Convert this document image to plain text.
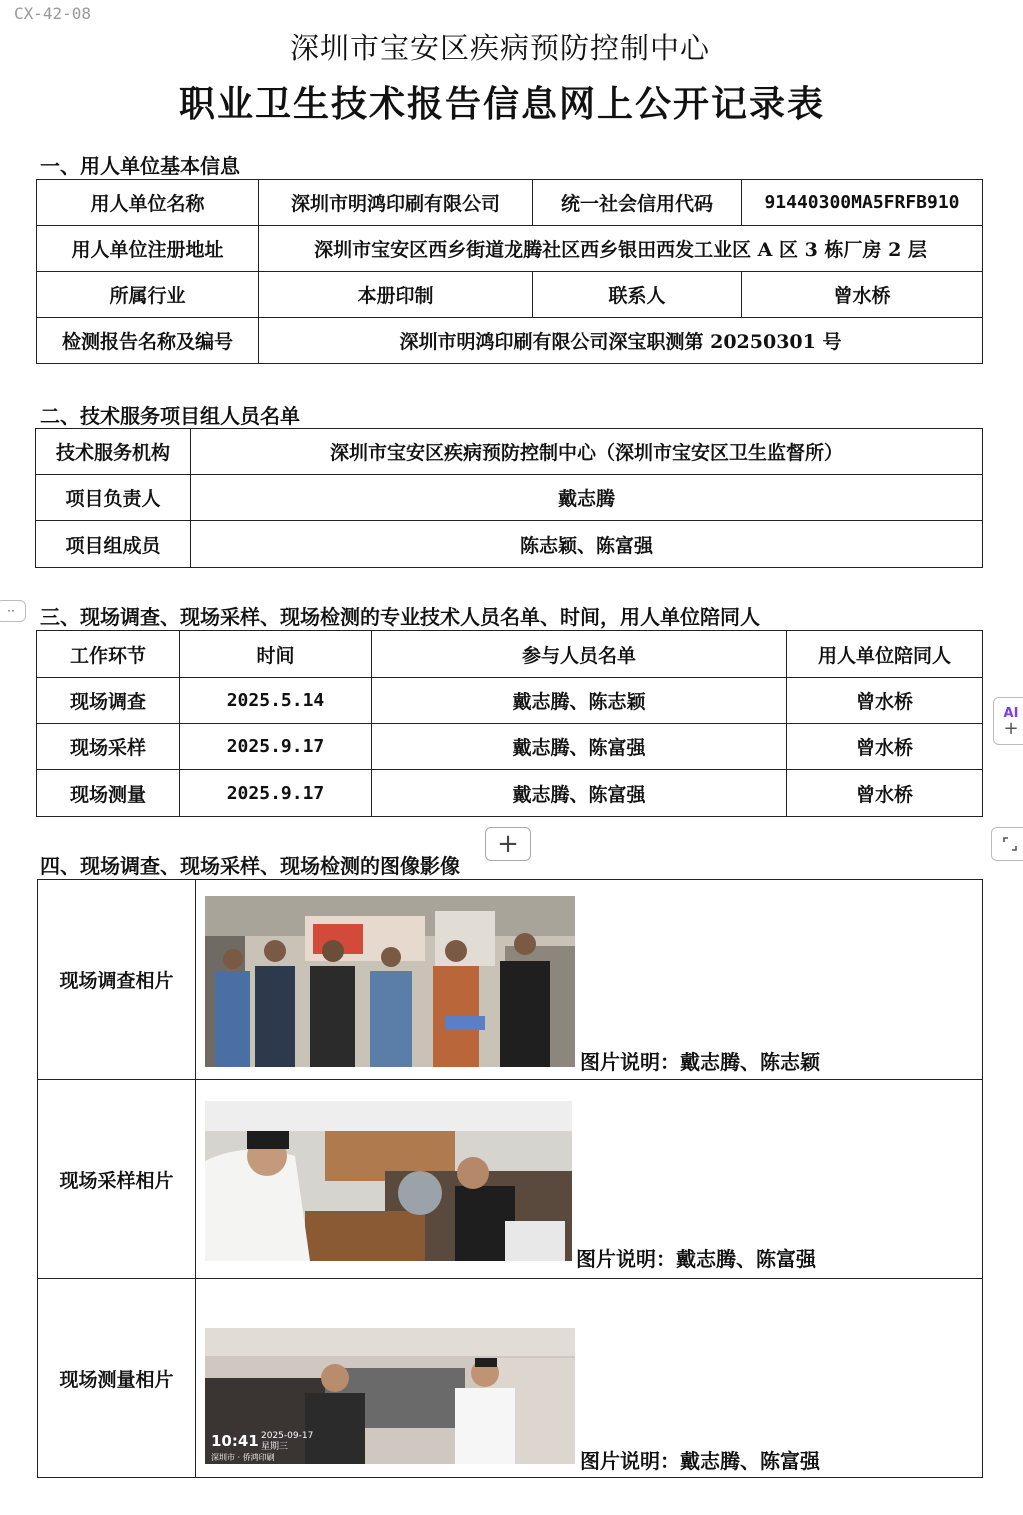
CX-42-08
深圳市宝安区疾病预防控制中心
职业卫生技术报告信息网上公开记录表
一、用人单位基本信息
用人单位名称	深圳市明鸿印刷有限公司	统一社会信用代码	91440300MA5FRFB910
用人单位注册地址	深圳市宝安区西乡街道龙腾社区西乡银田西发工业区 A 区 3 栋厂房 2 层		
所属行业	本册印制	联系人	曾水桥
检测报告名称及编号	深圳市明鸿印刷有限公司深宝职测第 20250301 号		
二、技术服务项目组人员名单
技术服务机构	深圳市宝安区疾病预防控制中心（深圳市宝安区卫生监督所）
项目负责人	戴志腾
项目组成员	陈志颖、陈富强
··	三、现场调查、现场采样、现场检测的专业技术人员名单、时间，用人单位陪同人
工作环节	时间	参与人员名单	用人单位陪同人
现场调查	2025.5.14	戴志腾、陈志颖	曾水桥
现场采样	2025.9.17	戴志腾、陈富强	曾水桥
现场测量	2025.9.17	戴志腾、陈富强	曾水桥
AI
+
四、现场调查、现场采样、现场检测的图像影像
+
现场调查相片	图片说明：戴志腾、陈志颖

现场采样相片	图片说明：戴志腾、陈富强

现场测量相片	10:41 2025-09-17
星期三
深圳市 · 侨鸿印刷 图片说明：戴志腾、陈富强
